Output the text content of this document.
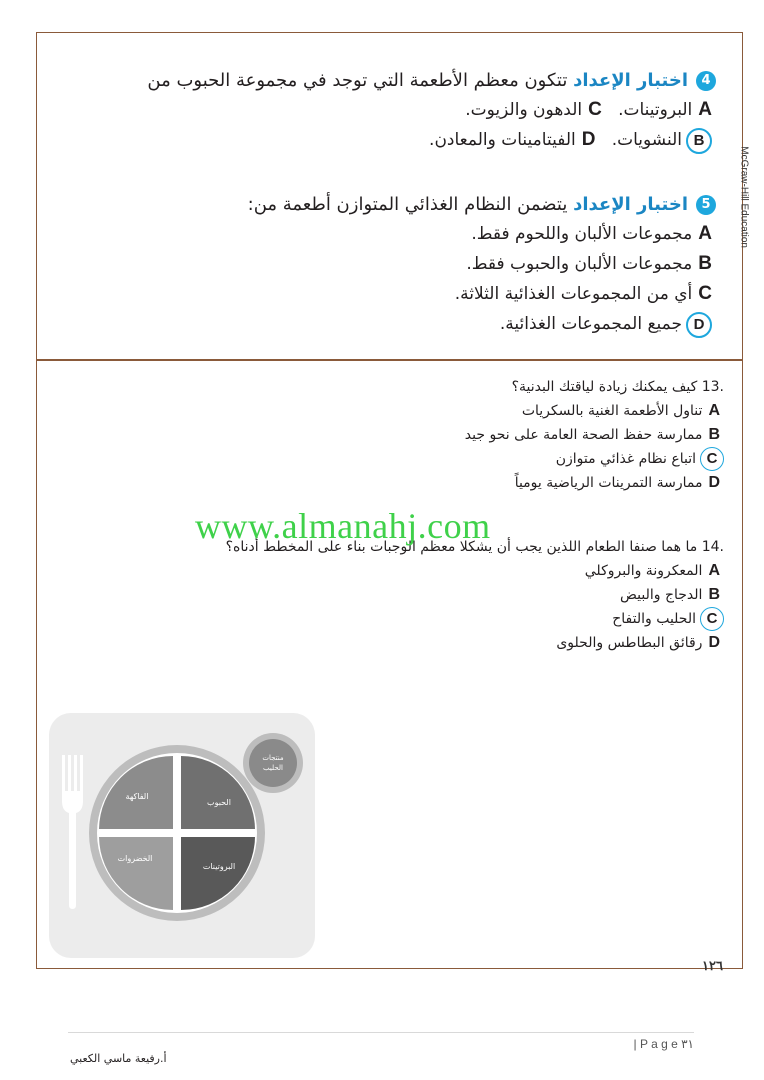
4اختبار الإعداد تتكون معظم الأطعمة التي توجد في مجموعة الحبوب من
Aالبروتينات.   Cالدهون والزيوت.
Bالنشويات.   Dالفيتامينات والمعادن.
5اختبار الإعداد يتضمن النظام الغذائي المتوازن أطعمة من:
Aمجموعات الألبان واللحوم فقط.
Bمجموعات الألبان والحبوب فقط.
Cأي من المجموعات الغذائية الثلاثة.
Dجميع المجموعات الغذائية.
McGraw-Hill Education
.13 كيف يمكنك زيادة لياقتك البدنية؟
Aتناول الأطعمة الغنية بالسكريات
Bممارسة حفظ الصحة العامة على نحو جيد
Cاتباع نظام غذائي متوازن
Dممارسة التمرينات الرياضية يومياً
.14 ما هما صنفا الطعام اللذين يجب أن يشكلا معظم الوجبات بناء على المخطط أدناه؟
Aالمعكرونة والبروكلي
Bالدجاج والبيض
Cالحليب والتفاح
Dرقائق البطاطس والحلوى
الفاكهة
الحبوب
الخضروات
البروتينات
منتجات
الحليب
www.almanahj.com
١٢٦
| P a g e ٣١
أ.رفيعة ماسي الكعبي
